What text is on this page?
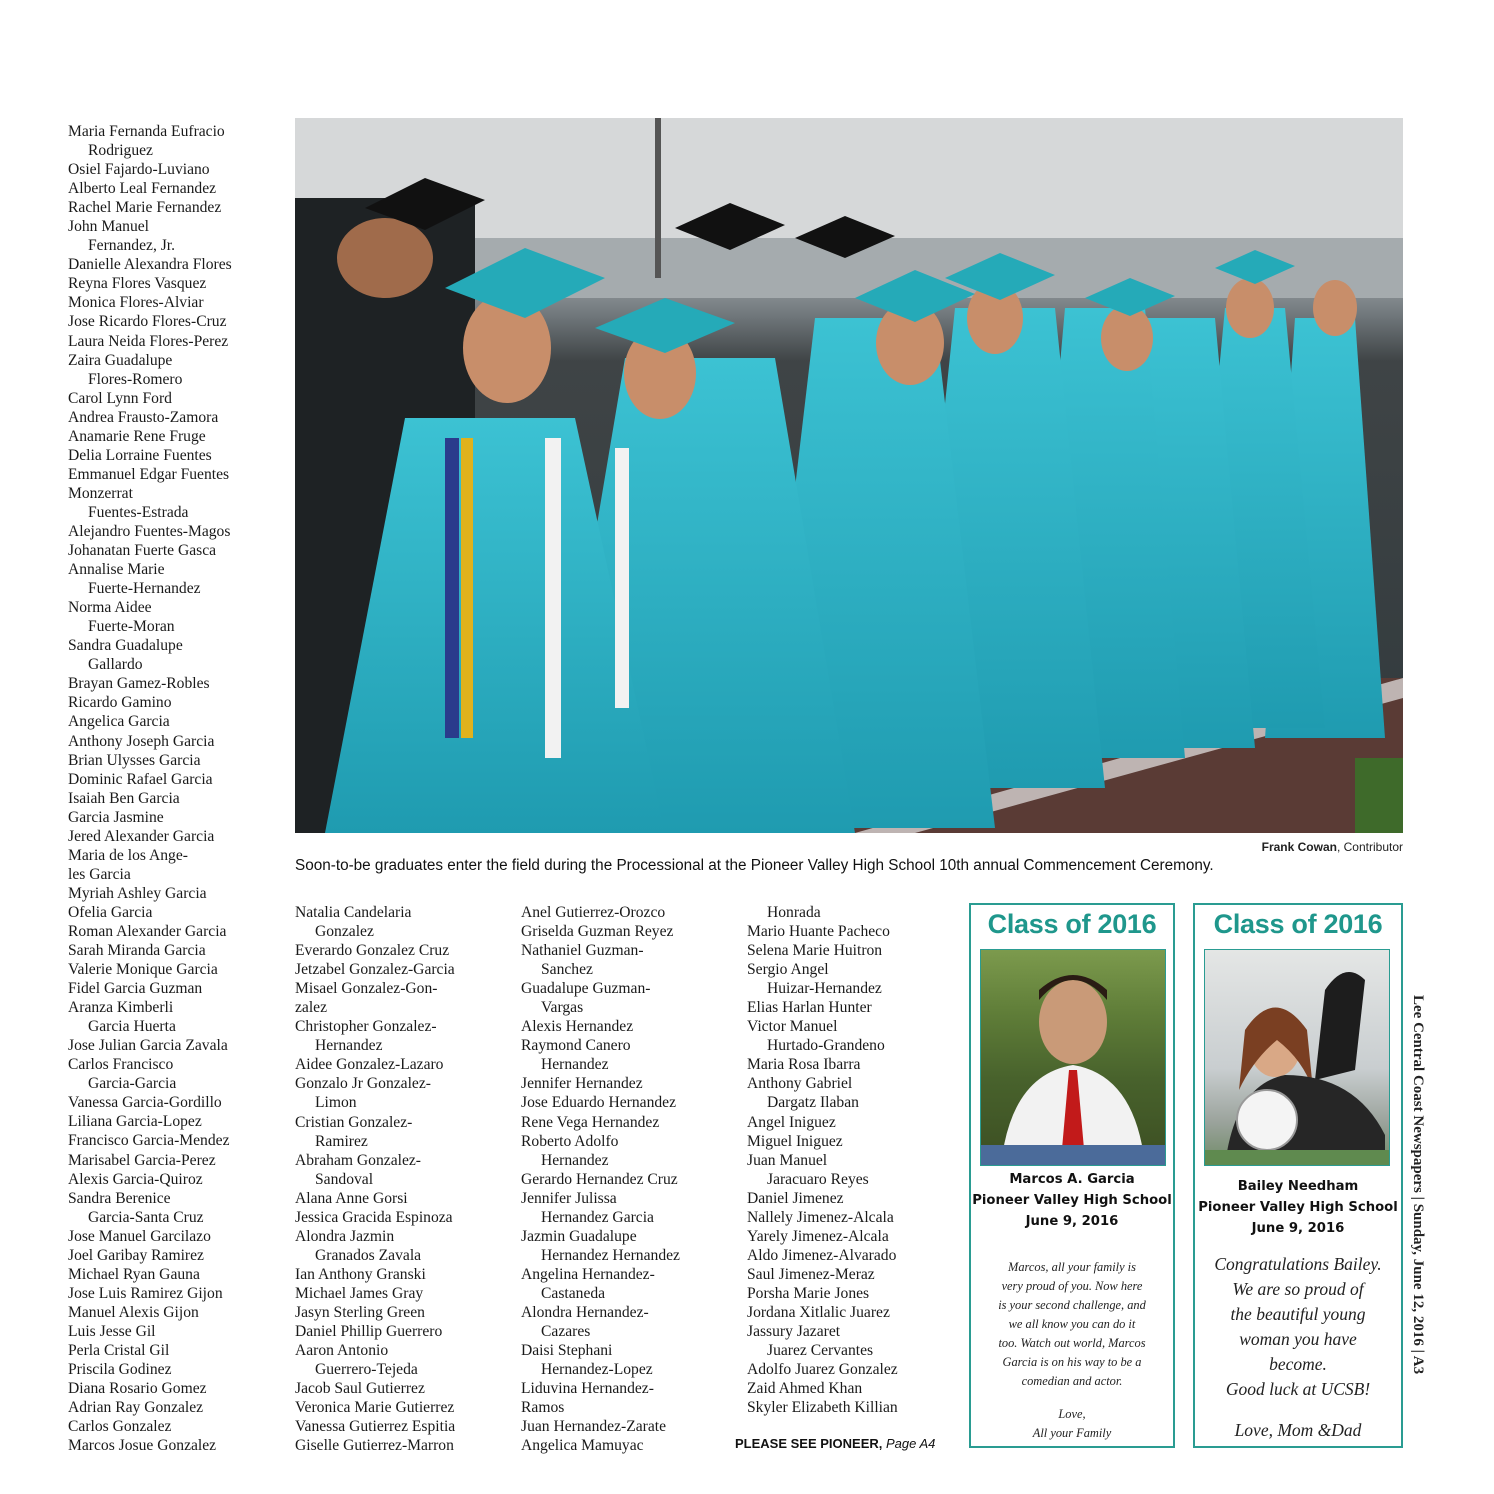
Maria Fernanda Eufracio
Rodriguez
Osiel Fajardo-Luviano
Alberto Leal Fernandez
Rachel Marie Fernandez
John Manuel
Fernandez, Jr.
Danielle Alexandra Flores
Reyna Flores Vasquez
Monica Flores-Alviar
Jose Ricardo Flores-Cruz
Laura Neida Flores-Perez
Zaira Guadalupe
Flores-Romero
Carol Lynn Ford
Andrea Frausto-Zamora
Anamarie Rene Fruge
Delia Lorraine Fuentes
Emmanuel Edgar Fuentes
Monzerrat
Fuentes-Estrada
Alejandro Fuentes-Magos
Johanatan Fuerte Gasca
Annalise Marie
Fuerte-Hernandez
Norma Aidee
Fuerte-Moran
Sandra Guadalupe
Gallardo
Brayan Gamez-Robles
Ricardo Gamino
Angelica Garcia
Anthony Joseph Garcia
Brian Ulysses Garcia
Dominic Rafael Garcia
Isaiah Ben Garcia
Garcia Jasmine
Jered Alexander Garcia
Maria de los Ange-
les Garcia
Myriah Ashley Garcia
Ofelia Garcia
Roman Alexander Garcia
Sarah Miranda Garcia
Valerie Monique Garcia
Fidel Garcia Guzman
Aranza Kimberli
Garcia Huerta
Jose Julian Garcia Zavala
Carlos Francisco
Garcia-Garcia
Vanessa Garcia-Gordillo
Liliana Garcia-Lopez
Francisco Garcia-Mendez
Marisabel Garcia-Perez
Alexis Garcia-Quiroz
Sandra Berenice
Garcia-Santa Cruz
Jose Manuel Garcilazo
Joel Garibay Ramirez
Michael Ryan Gauna
Jose Luis Ramirez Gijon
Manuel Alexis Gijon
Luis Jesse Gil
Perla Cristal Gil
Priscila Godinez
Diana Rosario Gomez
Adrian Ray Gonzalez
Carlos Gonzalez
Marcos Josue Gonzalez
Natalia Candelaria
Gonzalez
Everardo Gonzalez Cruz
Jetzabel Gonzalez-Garcia
Misael Gonzalez-Gon-
zalez
Christopher Gonzalez-
Hernandez
Aidee Gonzalez-Lazaro
Gonzalo Jr Gonzalez-
Limon
Cristian Gonzalez-
Ramirez
Abraham Gonzalez-
Sandoval
Alana Anne Gorsi
Jessica Gracida Espinoza
Alondra Jazmin
Granados Zavala
Ian Anthony Granski
Michael James Gray
Jasyn Sterling Green
Daniel Phillip Guerrero
Aaron Antonio
Guerrero-Tejeda
Jacob Saul Gutierrez
Veronica Marie Gutierrez
Vanessa Gutierrez Espitia
Giselle Gutierrez-Marron
Anel Gutierrez-Orozco
Griselda Guzman Reyez
Nathaniel Guzman-
Sanchez
Guadalupe Guzman-
Vargas
Alexis Hernandez
Raymond Canero
Hernandez
Jennifer Hernandez
Jose Eduardo Hernandez
Rene Vega Hernandez
Roberto Adolfo
Hernandez
Gerardo Hernandez Cruz
Jennifer Julissa
Hernandez Garcia
Jazmin Guadalupe
Hernandez Hernandez
Angelina Hernandez-
Castaneda
Alondra Hernandez-
Cazares
Daisi Stephani
Hernandez-Lopez
Liduvina Hernandez-
Ramos
Juan Hernandez-Zarate
Angelica Mamuyac
Honrada
Mario Huante Pacheco
Selena Marie Huitron
Sergio Angel
Huizar-Hernandez
Elias Harlan Hunter
Victor Manuel
Hurtado-Grandeno
Maria Rosa Ibarra
Anthony Gabriel
Dargatz Ilaban
Angel Iniguez
Miguel Iniguez
Juan Manuel
Jaracuaro Reyes
Daniel Jimenez
Nallely Jimenez-Alcala
Yarely Jimenez-Alcala
Aldo Jimenez-Alvarado
Saul Jimenez-Meraz
Porsha Marie Jones
Jordana Xitlalic Juarez
Jassury Jazaret
Juarez Cervantes
Adolfo Juarez Gonzalez
Zaid Ahmed Khan
Skyler Elizabeth Killian
Frank Cowan, Contributor
Soon-to-be graduates enter the field during the Processional at the Pioneer Valley High School 10th annual Commencement Ceremony.
PLEASE SEE PIONEER, Page A4
Class of 2016
Marcos A. Garcia
Pioneer Valley High School
June 9, 2016
Marcos, all your family is
very proud of you. Now here
is your second challenge, and
we all know you can do it
too. Watch out world, Marcos
Garcia is on his way to be a
comedian and actor.
Love,
All your Family
Class of 2016
Bailey Needham
Pioneer Valley High School
June 9, 2016
Congratulations Bailey.
We are so proud of
the beautiful young
woman you have
become.
Good luck at UCSB!
Love, Mom &Dad
Lee Central Coast Newspapers | Sunday, June 12, 2016 | A3
